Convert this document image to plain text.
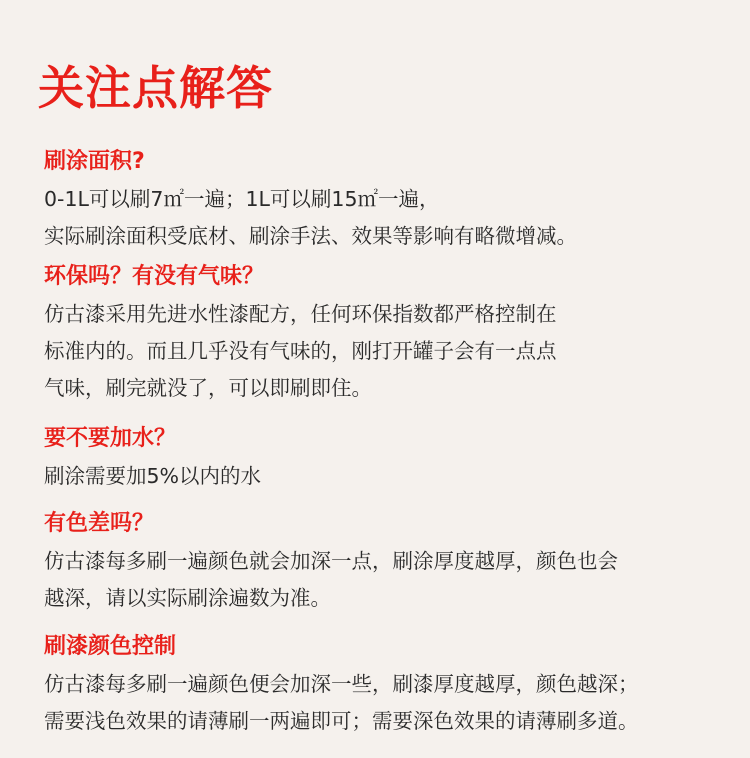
关注点解答
刷涂面积?

0-1L可以刷7㎡一遍；1L可以刷15㎡一遍，
实际刷涂面积受底材、刷涂手法、效果等影响有略微增减。

环保吗？有没有气味？

仿古漆采用先进水性漆配方，任何环保指数都严格控制在
标准内的。而且几乎没有气味的，刚打开罐子会有一点点
气味，刷完就没了，可以即刷即住。

要不要加水？

刷涂需要加5%以内的水

有色差吗？

仿古漆每多刷一遍颜色就会加深一点，刷涂厚度越厚，颜色也会
越深，请以实际刷涂遍数为准。

刷漆颜色控制

仿古漆每多刷一遍颜色便会加深一些，刷漆厚度越厚，颜色越深；
需要浅色效果的请薄刷一两遍即可；需要深色效果的请薄刷多道。
